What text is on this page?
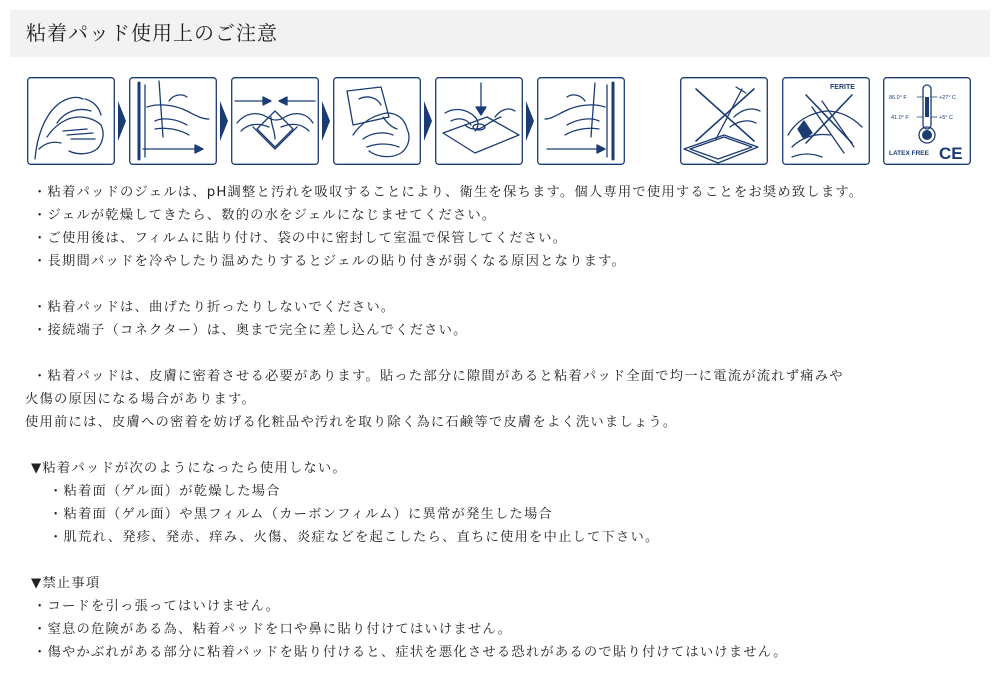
粘着パッド使用上のご注意
FERITE
86.0° F	+27° C
41.0° F	+5° C
LATEX FREE CE

・粘着パッドのジェルは、pH調整と汚れを吸収することにより、衛生を保ちます。個人専用で使用することをお奨め致します。

・ジェルが乾燥してきたら、数的の水をジェルになじませてください。

・ご使用後は、フィルムに貼り付け、袋の中に密封して室温で保管してください。

・長期間パッドを冷やしたり温めたりするとジェルの貼り付きが弱くなる原因となります。

・粘着パッドは、曲げたり折ったりしないでください。

・接続端子（コネクター）は、奥まで完全に差し込んでください。

・粘着パッドは、皮膚に密着させる必要があります。貼った部分に隙間があると粘着パッド全面で均一に電流が流れず痛みや

火傷の原因になる場合があります。

使用前には、皮膚への密着を妨げる化粧品や汚れを取り除く為に石鹸等で皮膚をよく洗いましょう。

▼粘着パッドが次のようになったら使用しない。

・粘着面（ゲル面）が乾燥した場合

・粘着面（ゲル面）や黒フィルム（カーボンフィルム）に異常が発生した場合

・肌荒れ、発疹、発赤、痒み、火傷、炎症などを起こしたら、直ちに使用を中止して下さい。

▼禁止事項

・コードを引っ張ってはいけません。

・窒息の危険がある為、粘着パッドを口や鼻に貼り付けてはいけません。

・傷やかぶれがある部分に粘着パッドを貼り付けると、症状を悪化させる恐れがあるので貼り付けてはいけません。
